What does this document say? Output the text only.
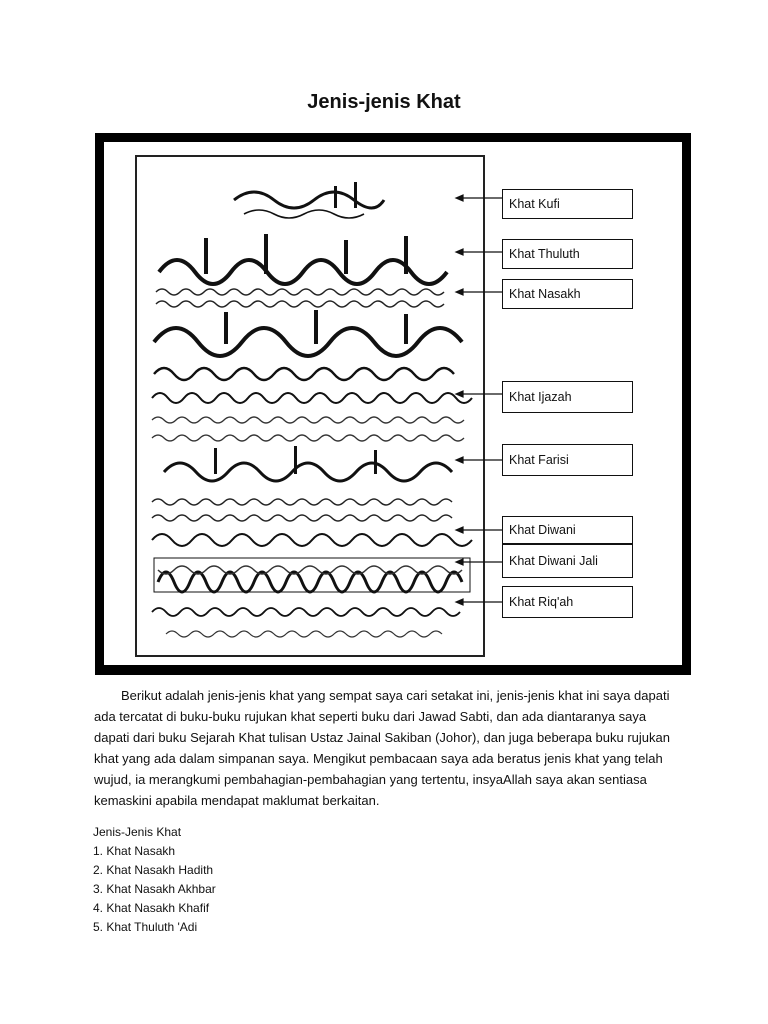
Jenis-jenis Khat
Khat Kufi
Khat Thuluth
Khat Nasakh
Khat Ijazah
Khat Farisi
Khat Diwani
Khat Diwani Jali
Khat Riq'ah

Berikut adalah jenis-jenis khat yang sempat saya cari setakat ini, jenis-jenis khat ini saya dapati ada tercatat di buku-buku rujukan khat seperti buku dari Jawad Sabti, dan ada diantaranya saya dapati dari buku Sejarah Khat tulisan Ustaz Jainal Sakiban (Johor), dan juga beberapa buku rujukan khat yang ada dalam simpanan saya. Mengikut pembacaan saya ada beratus jenis khat yang telah wujud, ia merangkumi pembahagian-pembahagian yang tertentu, insyaAllah saya akan sentiasa kemaskini apabila mendapat maklumat berkaitan.

Jenis-Jenis Khat
1. Khat Nasakh
2. Khat Nasakh Hadith
3. Khat Nasakh Akhbar
4. Khat Nasakh Khafif
5. Khat Thuluth 'Adi
